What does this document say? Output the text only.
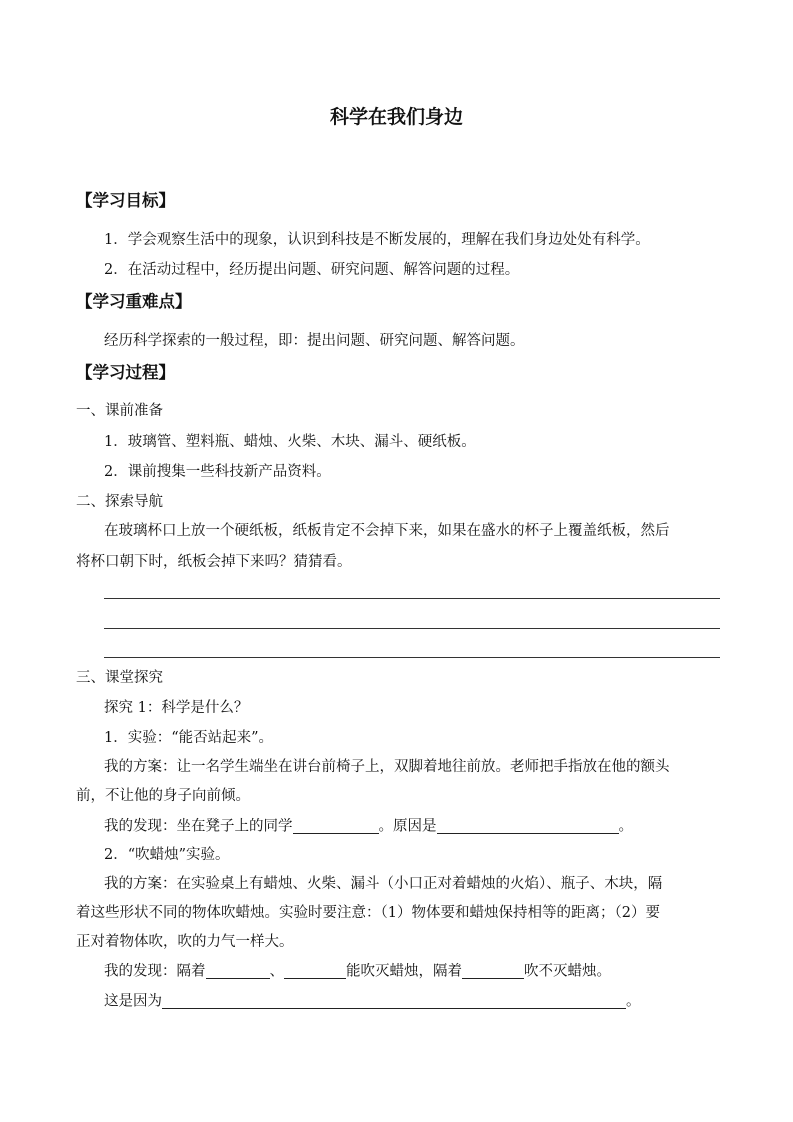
科学在我们身边
【学习目标】
1．学会观察生活中的现象，认识到科技是不断发展的，理解在我们身边处处有科学。
2．在活动过程中，经历提出问题、研究问题、解答问题的过程。
【学习重难点】
经历科学探索的一般过程，即：提出问题、研究问题、解答问题。
【学习过程】
一、课前准备
1．玻璃管、塑料瓶、蜡烛、火柴、木块、漏斗、硬纸板。
2．课前搜集一些科技新产品资料。
二、探索导航
在玻璃杯口上放一个硬纸板，纸板肯定不会掉下来，如果在盛水的杯子上覆盖纸板，然后
将杯口朝下时，纸板会掉下来吗？猜猜看。
三、课堂探究
探究 1：科学是什么？
1．实验：“能否站起来”。
我的方案：让一名学生端坐在讲台前椅子上，双脚着地往前放。老师把手指放在他的额头
前，不让他的身子向前倾。
我的发现：坐在凳子上的同学	。原因是	。
2．“吹蜡烛”实验。
我的方案：在实验桌上有蜡烛、火柴、漏斗（小口正对着蜡烛的火焰）、瓶子、木块，隔
着这些形状不同的物体吹蜡烛。实验时要注意：（1）物体要和蜡烛保持相等的距离；（2）要
正对着物体吹，吹的力气一样大。
我的发现：隔着	、	能吹灭蜡烛，隔着	吹不灭蜡烛。
这是因为	。
